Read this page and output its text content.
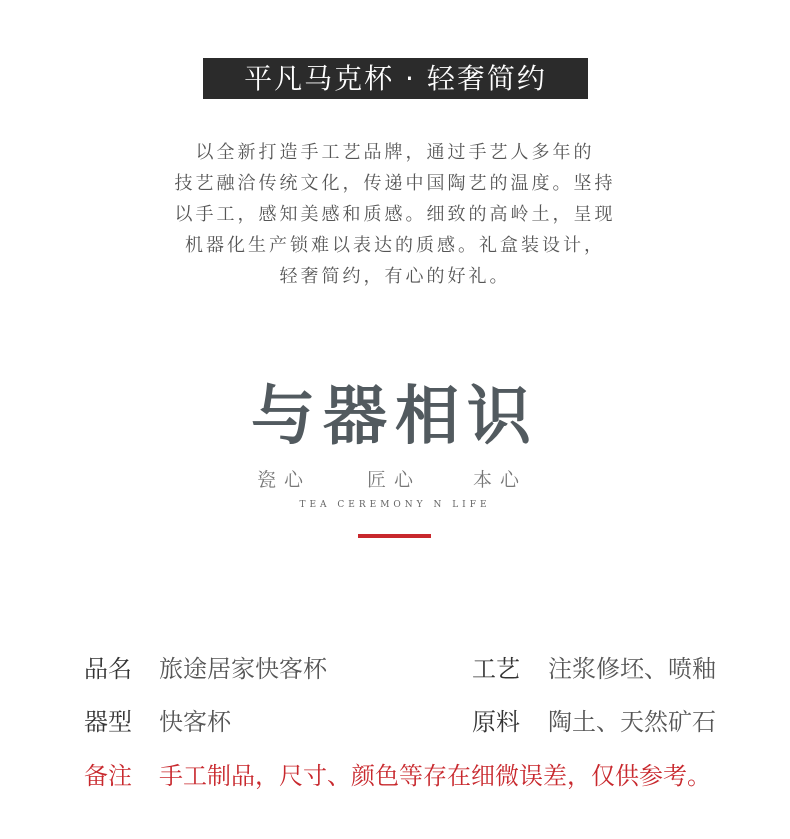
平凡马克杯 · 轻奢简约
以全新打造手工艺品牌，通过手艺人多年的
技艺融洽传统文化，传递中国陶艺的温度。坚持
以手工，感知美感和质感。细致的高岭土，呈现
机器化生产锁难以表达的质感。礼盒装设计，
轻奢简约，有心的好礼。
与器相识
瓷心	匠心	本心
TEA CEREMONY N LIFE
品名 旅途居家快客杯	工艺 注浆修坯、喷釉
器型 快客杯	原料 陶土、天然矿石
备注 手工制品，尺寸、颜色等存在细微误差，仅供参考。
